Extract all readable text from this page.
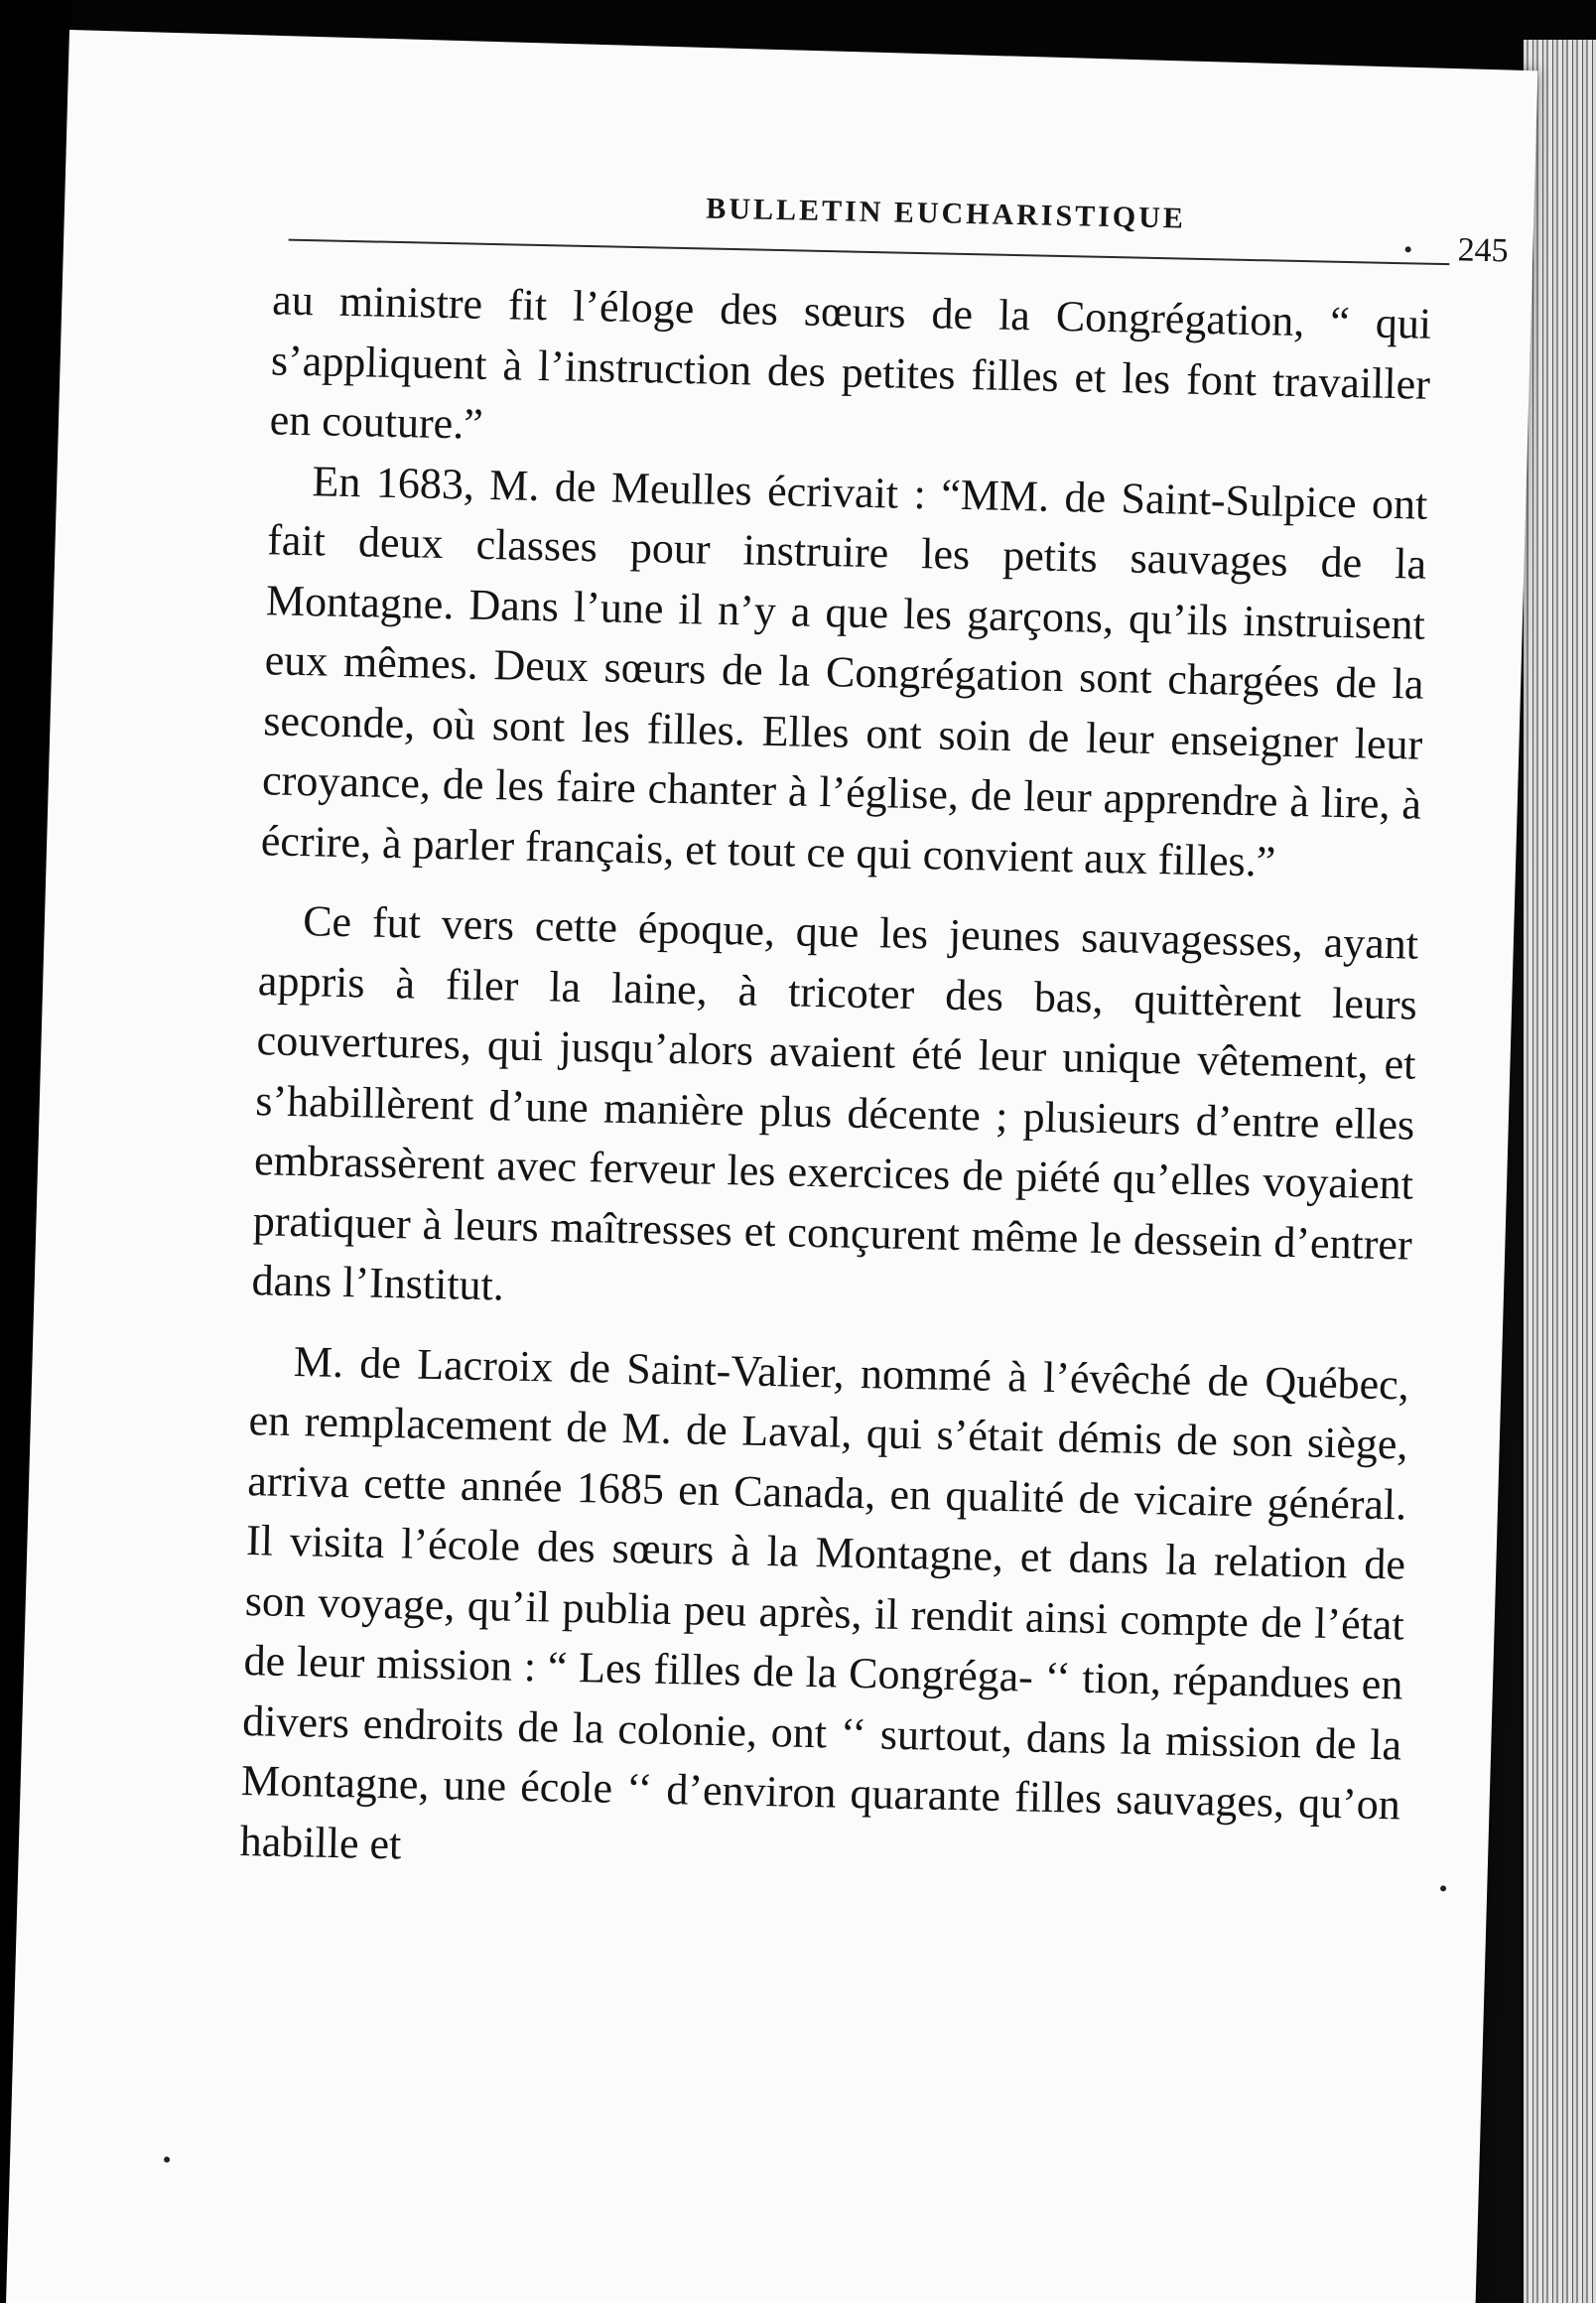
BULLETIN EUCHARISTIQUE
245

au ministre fit l’éloge des sœurs de la Congrégation, “ qui s’appliquent à l’instruction des petites filles et les font travailler en couture.”

En 1683, M. de Meulles écrivait : “MM. de Saint-Sulpice ont fait deux classes pour instruire les petits sauvages de la Montagne. Dans l’une il n’y a que les garçons, qu’ils instruisent eux mêmes. Deux sœurs de la Congrégation sont chargées de la seconde, où sont les filles. Elles ont soin de leur enseigner leur croyance, de les faire chanter à l’église, de leur apprendre à lire, à écrire, à parler français, et tout ce qui convient aux filles.”

Ce fut vers cette époque, que les jeunes sauvagesses, ayant appris à filer la laine, à tricoter des bas, quittèrent leurs couvertures, qui jusqu’alors avaient été leur unique vêtement, et s’habillèrent d’une manière plus décente ; plusieurs d’entre elles embrassèrent avec ferveur les exercices de piété qu’elles voyaient pratiquer à leurs maîtresses et conçurent même le dessein d’entrer dans l’Institut.

M. de Lacroix de Saint-Valier, nommé à l’évêché de Québec, en remplacement de M. de Laval, qui s’était démis de son siège, arriva cette année 1685 en Canada, en qualité de vicaire général. Il visita l’école des sœurs à la Montagne, et dans la relation de son voyage, qu’il publia peu après, il rendit ainsi compte de l’état de leur mission : “ Les filles de la Congréga- ‘‘ tion, répandues en divers endroits de la colonie, ont ‘‘ surtout, dans la mission de la Montagne, une école ‘‘ d’environ quarante filles sauvages, qu’on habille et
